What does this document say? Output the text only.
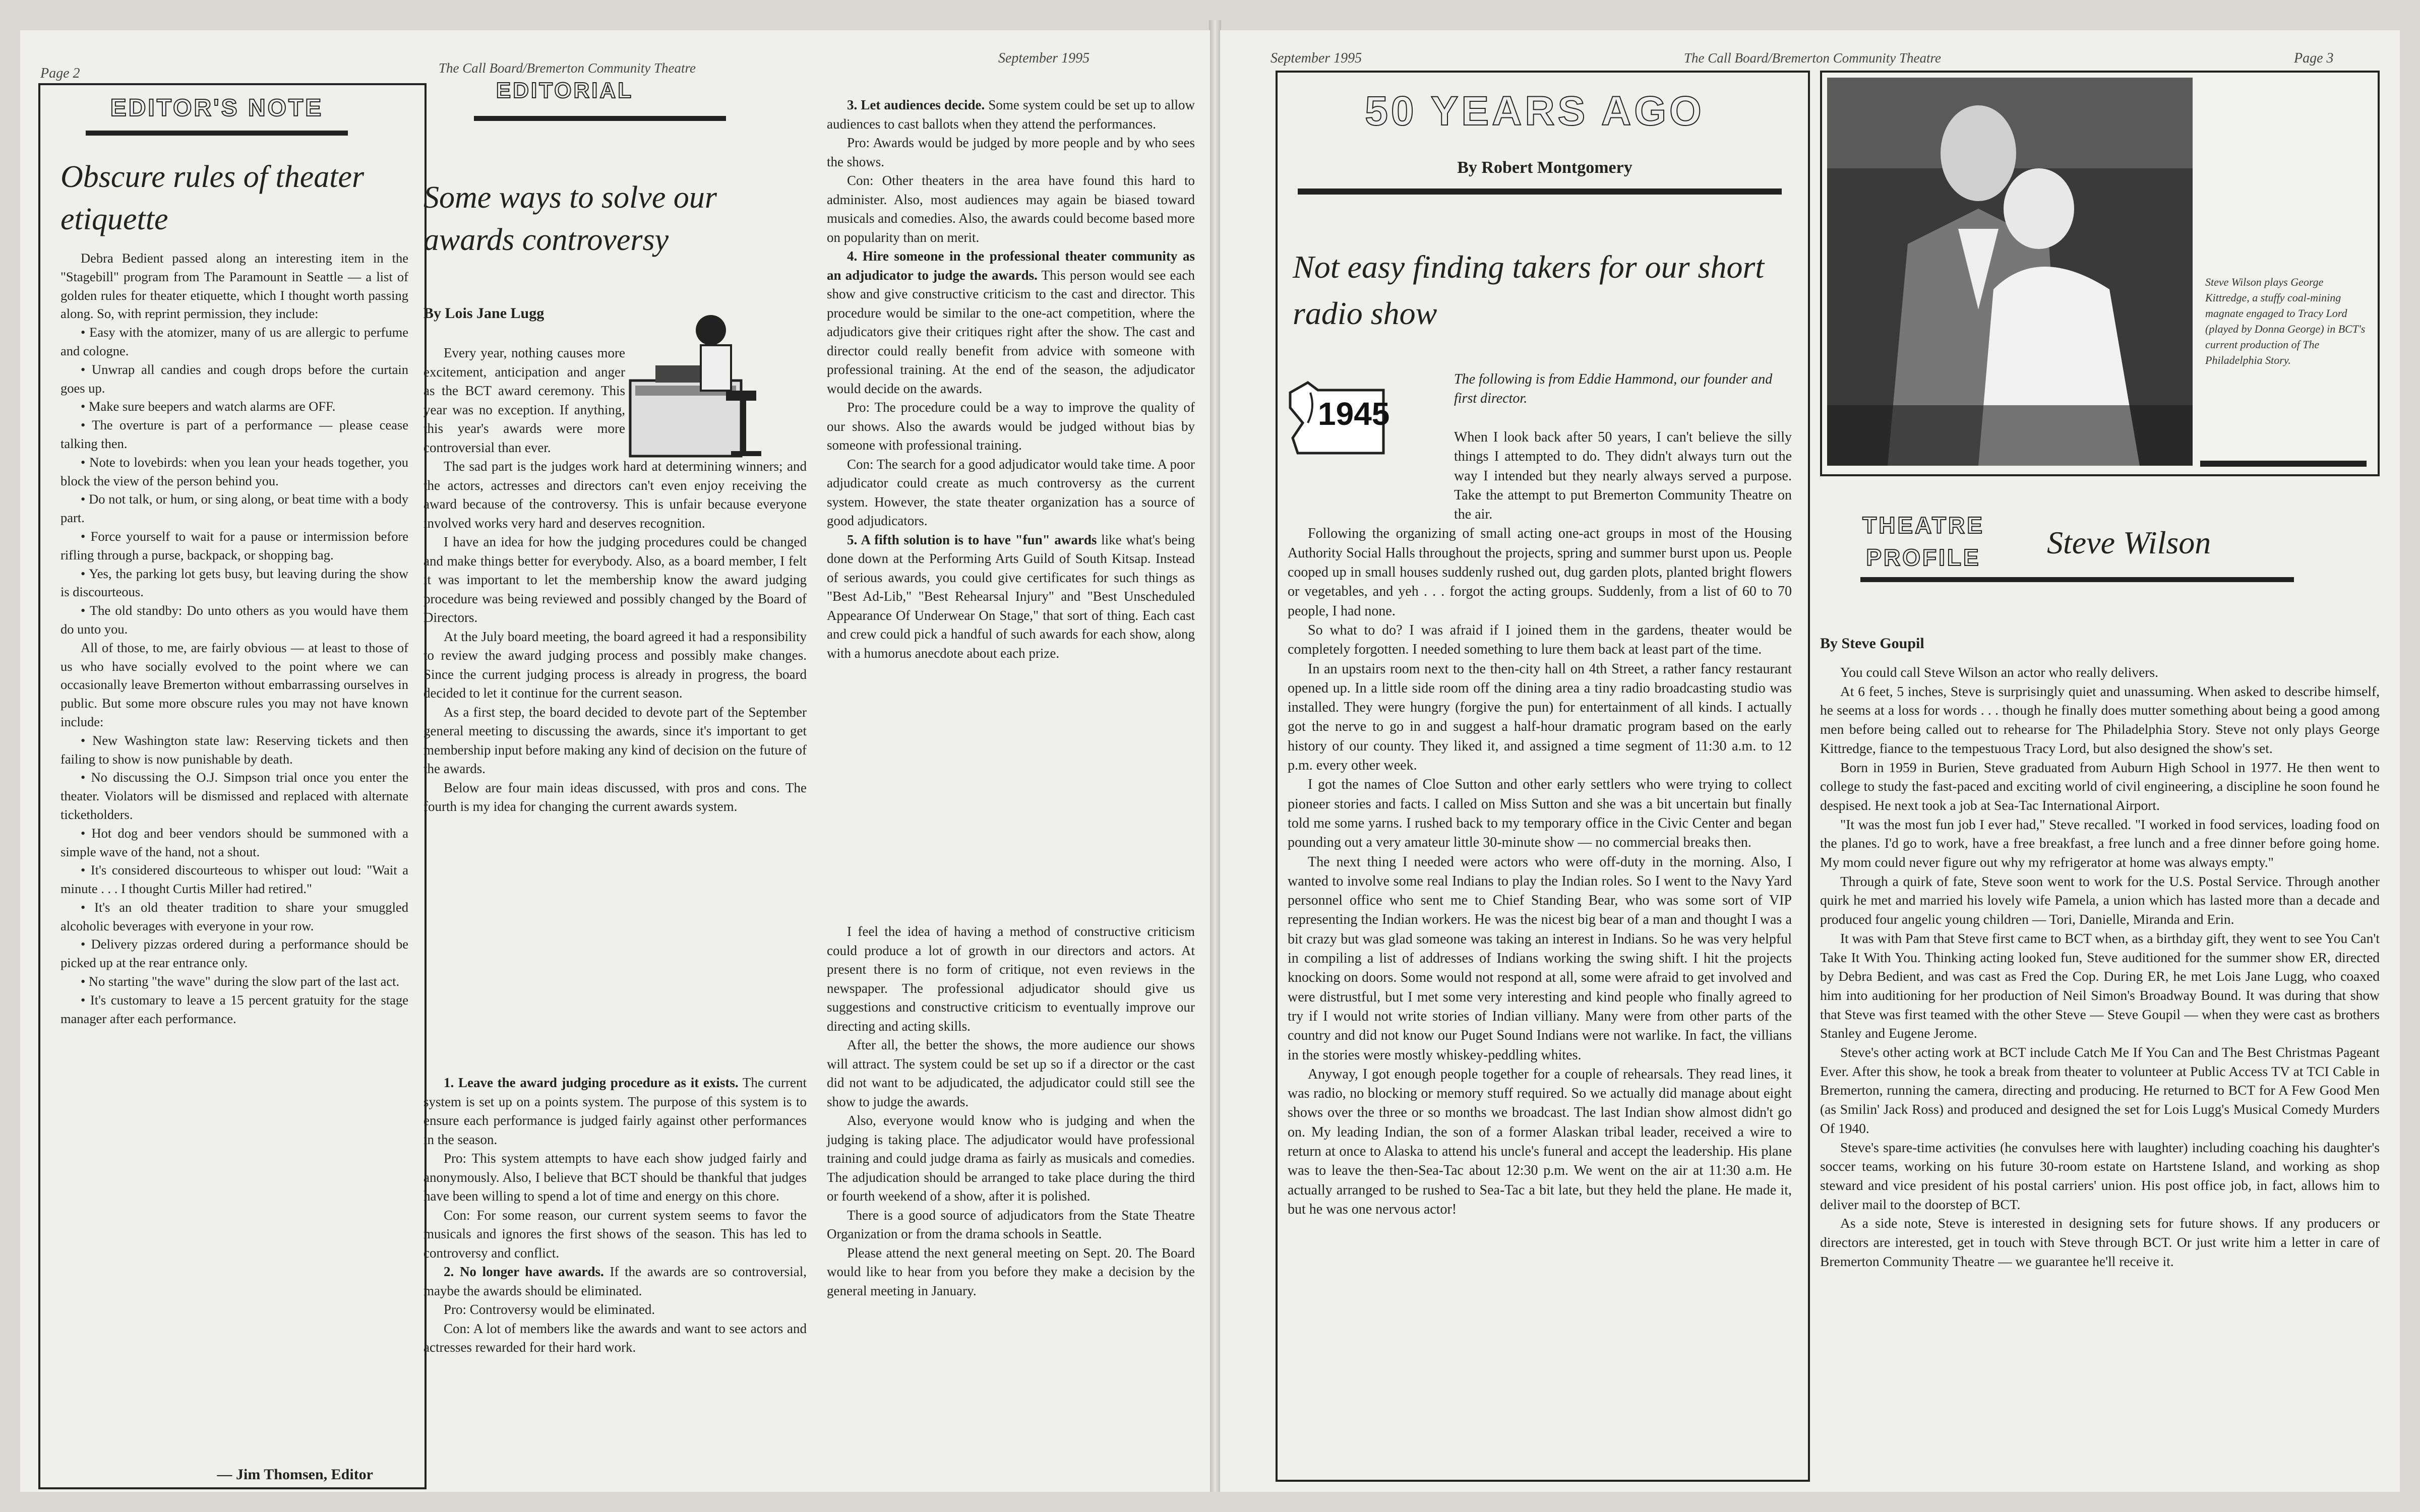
Page 2	The Call Board/Bremerton Community Theatre
September 1995
EDITOR'S NOTE
Obscure rules of theater etiquette

Debra Bedient passed along an interesting item in the "Stagebill" program from The Paramount in Seattle — a list of golden rules for theater etiquette, which I thought worth passing along. So, with reprint permission, they include:

• Easy with the atomizer, many of us are allergic to perfume and cologne.

• Unwrap all candies and cough drops before the curtain goes up.

• Make sure beepers and watch alarms are OFF.

• The overture is part of a performance — please cease talking then.

• Note to lovebirds: when you lean your heads together, you block the view of the person behind you.

• Do not talk, or hum, or sing along, or beat time with a body part.

• Force yourself to wait for a pause or intermission before rifling through a purse, backpack, or shopping bag.

• Yes, the parking lot gets busy, but leaving during the show is discourteous.

• The old standby: Do unto others as you would have them do unto you.

All of those, to me, are fairly obvious — at least to those of us who have socially evolved to the point where we can occasionally leave Bremerton without embarrassing ourselves in public. But some more obscure rules you may not have known include:

• New Washington state law: Reserving tickets and then failing to show is now punishable by death.

• No discussing the O.J. Simpson trial once you enter the theater. Violators will be dismissed and replaced with alternate ticketholders.

• Hot dog and beer vendors should be summoned with a simple wave of the hand, not a shout.

• It's considered discourteous to whisper out loud: "Wait a minute . . . I thought Curtis Miller had retired."

• It's an old theater tradition to share your smuggled alcoholic beverages with everyone in your row.

• Delivery pizzas ordered during a performance should be picked up at the rear entrance only.

• No starting "the wave" during the slow part of the last act.

• It's customary to leave a 15 percent gratuity for the stage manager after each performance.

— Jim Thomsen, Editor
EDITORIAL
Some ways to solve our awards controversy
By Lois Jane Lugg

Every year, nothing causes more excitement, anticipation and anger as the BCT award ceremony. This year was no exception. If anything, this year's awards were more controversial than ever.

The sad part is the judges work hard at determining winners; and the actors, actresses and directors can't even enjoy receiving the award because of the controversy. This is unfair because everyone involved works very hard and deserves recognition.

I have an idea for how the judging procedures could be changed and make things better for everybody. Also, as a board member, I felt it was important to let the membership know the award judging procedure was being reviewed and possibly changed by the Board of Directors.

At the July board meeting, the board agreed it had a responsibility to review the award judging process and possibly make changes. Since the current judging process is already in progress, the board decided to let it continue for the current season.

As a first step, the board decided to devote part of the September general meeting to discussing the awards, since it's important to get membership input before making any kind of decision on the future of the awards.

Below are four main ideas discussed, with pros and cons. The fourth is my idea for changing the current awards system.

1. Leave the award judging procedure as it exists. The current system is set up on a points system. The purpose of this system is to ensure each performance is judged fairly against other performances in the season.

Pro: This system attempts to have each show judged fairly and anonymously. Also, I believe that BCT should be thankful that judges have been willing to spend a lot of time and energy on this chore.

Con: For some reason, our current system seems to favor the musicals and ignores the first shows of the season. This has led to controversy and conflict.

2. No longer have awards. If the awards are so controversial, maybe the awards should be eliminated.

Pro: Controversy would be eliminated.

Con: A lot of members like the awards and want to see actors and actresses rewarded for their hard work.

3. Let audiences decide. Some system could be set up to allow audiences to cast ballots when they attend the performances.

Pro: Awards would be judged by more people and by who sees the shows.

Con: Other theaters in the area have found this hard to administer. Also, most audiences may again be biased toward musicals and comedies. Also, the awards could become based more on popularity than on merit.

4. Hire someone in the professional theater community as an adjudicator to judge the awards. This person would see each show and give constructive criticism to the cast and director. This procedure would be similar to the one-act competition, where the adjudicators give their critiques right after the show. The cast and director could really benefit from advice with someone with professional training. At the end of the season, the adjudicator would decide on the awards.

Pro: The procedure could be a way to improve the quality of our shows. Also the awards would be judged without bias by someone with professional training.

Con: The search for a good adjudicator would take time. A poor adjudicator could create as much controversy as the current system. However, the state theater organization has a source of good adjudicators.

5. A fifth solution is to have "fun" awards like what's being done down at the Performing Arts Guild of South Kitsap. Instead of serious awards, you could give certificates for such things as "Best Ad-Lib," "Best Rehearsal Injury" and "Best Unscheduled Appearance Of Underwear On Stage," that sort of thing. Each cast and crew could pick a handful of such awards for each show, along with a humorus anecdote about each prize.

I feel the idea of having a method of constructive criticism could produce a lot of growth in our directors and actors. At present there is no form of critique, not even reviews in the newspaper. The professional adjudicator should give us suggestions and constructive criticism to eventually improve our directing and acting skills.

After all, the better the shows, the more audience our shows will attract. The system could be set up so if a director or the cast did not want to be adjudicated, the adjudicator could still see the show to judge the awards.

Also, everyone would know who is judging and when the judging is taking place. The adjudicator would have professional training and could judge drama as fairly as musicals and comedies. The adjudication should be arranged to take place during the third or fourth weekend of a show, after it is polished.

There is a good source of adjudicators from the State Theatre Organization or from the drama schools in Seattle.

Please attend the next general meeting on Sept. 20. The Board would like to hear from you before they make a decision by the general meeting in January.

September 1995	The Call Board/Bremerton Community Theatre	Page 3
50 YEARS AGO
By Robert Montgomery
Not easy finding takers for our short radio show
1945
The following is from Eddie Hammond, our founder and first director.

When I look back after 50 years, I can't believe the silly things I attempted to do. They didn't always turn out the way I intended but they nearly always served a purpose. Take the attempt to put Bremerton Community Theatre on the air.

Following the organizing of small acting one-act groups in most of the Housing Authority Social Halls throughout the projects, spring and summer burst upon us. People cooped up in small houses suddenly rushed out, dug garden plots, planted bright flowers or vegetables, and yeh . . . forgot the acting groups. Suddenly, from a list of 60 to 70 people, I had none.

So what to do? I was afraid if I joined them in the gardens, theater would be completely forgotten. I needed something to lure them back at least part of the time.

In an upstairs room next to the then-city hall on 4th Street, a rather fancy restaurant opened up. In a little side room off the dining area a tiny radio broadcasting studio was installed. They were hungry (forgive the pun) for entertainment of all kinds. I actually got the nerve to go in and suggest a half-hour dramatic program based on the early history of our county. They liked it, and assigned a time segment of 11:30 a.m. to 12 p.m. every other week.

I got the names of Cloe Sutton and other early settlers who were trying to collect pioneer stories and facts. I called on Miss Sutton and she was a bit uncertain but finally told me some yarns. I rushed back to my temporary office in the Civic Center and began pounding out a very amateur little 30-minute show — no commercial breaks then.

The next thing I needed were actors who were off-duty in the morning. Also, I wanted to involve some real Indians to play the Indian roles. So I went to the Navy Yard personnel office who sent me to Chief Standing Bear, who was some sort of VIP representing the Indian workers. He was the nicest big bear of a man and thought I was a bit crazy but was glad someone was taking an interest in Indians. So he was very helpful in compiling a list of addresses of Indians working the swing shift. I hit the projects knocking on doors. Some would not respond at all, some were afraid to get involved and were distrustful, but I met some very interesting and kind people who finally agreed to try if I would not write stories of Indian villiany. Many were from other parts of the country and did not know our Puget Sound Indians were not warlike. In fact, the villians in the stories were mostly whiskey-peddling whites.

Anyway, I got enough people together for a couple of rehearsals. They read lines, it was radio, no blocking or memory stuff required. So we actually did manage about eight shows over the three or so months we broadcast. The last Indian show almost didn't go on. My leading Indian, the son of a former Alaskan tribal leader, received a wire to return at once to Alaska to attend his uncle's funeral and accept the leadership. His plane was to leave the then-Sea-Tac about 12:30 p.m. We went on the air at 11:30 a.m. He actually arranged to be rushed to Sea-Tac a bit late, but they held the plane. He made it, but he was one nervous actor!

Steve Wilson plays George Kittredge, a stuffy coal-mining magnate engaged to Tracy Lord (played by Donna George) in BCT's current production of The Philadelphia Story.
THEATRE
PROFILE Steve Wilson
By Steve Goupil

You could call Steve Wilson an actor who really delivers.

At 6 feet, 5 inches, Steve is surprisingly quiet and unassuming. When asked to describe himself, he seems at a loss for words . . . though he finally does mutter something about being a good among men before being called out to rehearse for The Philadelphia Story. Steve not only plays George Kittredge, fiance to the tempestuous Tracy Lord, but also designed the show's set.

Born in 1959 in Burien, Steve graduated from Auburn High School in 1977. He then went to college to study the fast-paced and exciting world of civil engineering, a discipline he soon found he despised. He next took a job at Sea-Tac International Airport.

"It was the most fun job I ever had," Steve recalled. "I worked in food services, loading food on the planes. I'd go to work, have a free breakfast, a free lunch and a free dinner before going home. My mom could never figure out why my refrigerator at home was always empty."

Through a quirk of fate, Steve soon went to work for the U.S. Postal Service. Through another quirk he met and married his lovely wife Pamela, a union which has lasted more than a decade and produced four angelic young children — Tori, Danielle, Miranda and Erin.

It was with Pam that Steve first came to BCT when, as a birthday gift, they went to see You Can't Take It With You. Thinking acting looked fun, Steve auditioned for the summer show ER, directed by Debra Bedient, and was cast as Fred the Cop. During ER, he met Lois Jane Lugg, who coaxed him into auditioning for her production of Neil Simon's Broadway Bound. It was during that show that Steve was first teamed with the other Steve — Steve Goupil — when they were cast as brothers Stanley and Eugene Jerome.

Steve's other acting work at BCT include Catch Me If You Can and The Best Christmas Pageant Ever. After this show, he took a break from theater to volunteer at Public Access TV at TCI Cable in Bremerton, running the camera, directing and producing. He returned to BCT for A Few Good Men (as Smilin' Jack Ross) and produced and designed the set for Lois Lugg's Musical Comedy Murders Of 1940.

Steve's spare-time activities (he convulses here with laughter) including coaching his daughter's soccer teams, working on his future 30-room estate on Hartstene Island, and working as shop steward and vice president of his postal carriers' union. His post office job, in fact, allows him to deliver mail to the doorstep of BCT.

As a side note, Steve is interested in designing sets for future shows. If any producers or directors are interested, get in touch with Steve through BCT. Or just write him a letter in care of Bremerton Community Theatre — we guarantee he'll receive it.
